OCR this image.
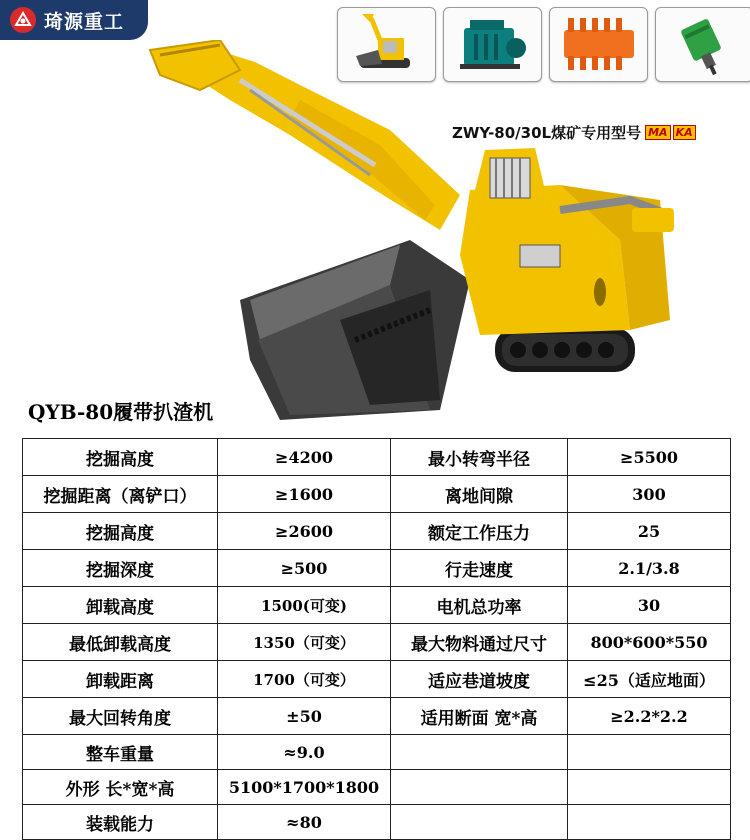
琦源重工
ZWY-80/30L煤矿专用型号 MA KA
QYB-80履带扒渣机
挖掘高度	≥4200	最小转弯半径	≥5500
挖掘距离（离铲口）	≥1600	离地间隙	300
挖掘高度	≥2600	额定工作压力	25
挖掘深度	≥500	行走速度	2.1/3.8
卸载高度	1500(可变)	电机总功率	30
最低卸载高度	1350（可变）	最大物料通过尺寸	800*600*550
卸载距离	1700（可变）	适应巷道坡度	≤25（适应地面）
最大回转角度	±50	适用断面 宽*高	≥2.2*2.2
整车重量	≈9.0		
外形 长*宽*高	5100*1700*1800		
装载能力	≈80		
